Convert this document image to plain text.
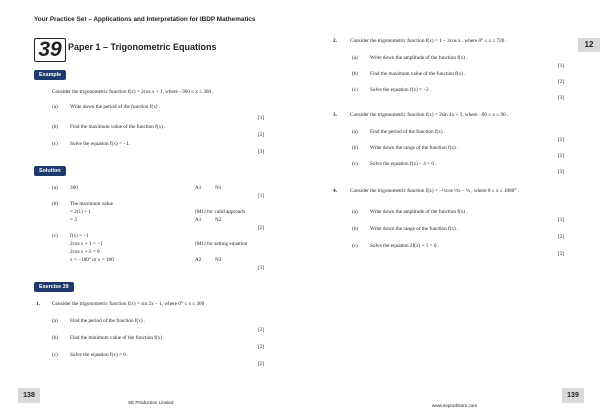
Your Practice Set – Applications and Interpretation for IBDP Mathematics
39 Paper 1 – Trigonometric Equations	12
Example
Consider the trigonometric function f(x) = 2cos x + 1, where −360 ≤ x ≤ 360 .
(a) Write down the period of the function f(x) .
[1]
(b) Find the maximum value of the function f(x) .
[2]
(c) Solve the equation f(x) = −1.
[3]
Solution
(a) 360	A1	N1
[1]
(b) The maximum value
= 2(1) + 1	(M1) for valid approach
= 3	A1	N2
[2]
(c) f(x) = −1
2cos x + 1 = −1	(M1) for setting equation
2cos x + 2 = 0
x = −180° or x = 180	A2	N3
[3]
Exercise 39
1. Consider the trigonometric function f(x) = sin 2x − 1, where 0° ≤ x ≤ 360 .
(a) Find the period of the function f(x) .
[2]
(b) Find the minimum value of the function f(x) .
[2]
(c) Solve the equation f(x) = 0 .
[2]
2.	Consider the trigonometric function f(x) = 1 − 3cos x , where 0° ≤ x ≤ 720 .
(a) Write down the amplitude of the function f(x) .
[1]
(b) Find the maximum value of the function f(x) .
[2]
(c) Solve the equation f(x) = −2 .
[3]
3.	Consider the trigonometric function f(x) = 2sin 4x + 3, where −90 ≤ x ≤ 90 .
(a) Find the period of the function f(x) .
[2]
(b) Write down the range of the function f(x) .
[2]
(c) Solve the equation f(x) − 4 = 0 .
[3]
4.	Consider the trigonometric function f(x) = −½cos ⅓x − ¼ , where 0 ≤ x ≤ 1080° .
(a) Write down the amplitude of the function f(x) .
[1]
(b) Write down the range of the function f(x) .
[2]
(c) Solve the equation 2f(x) + 1 = 0 .
[3]
138
SE Production Limited
www.seprodstore.com
139
